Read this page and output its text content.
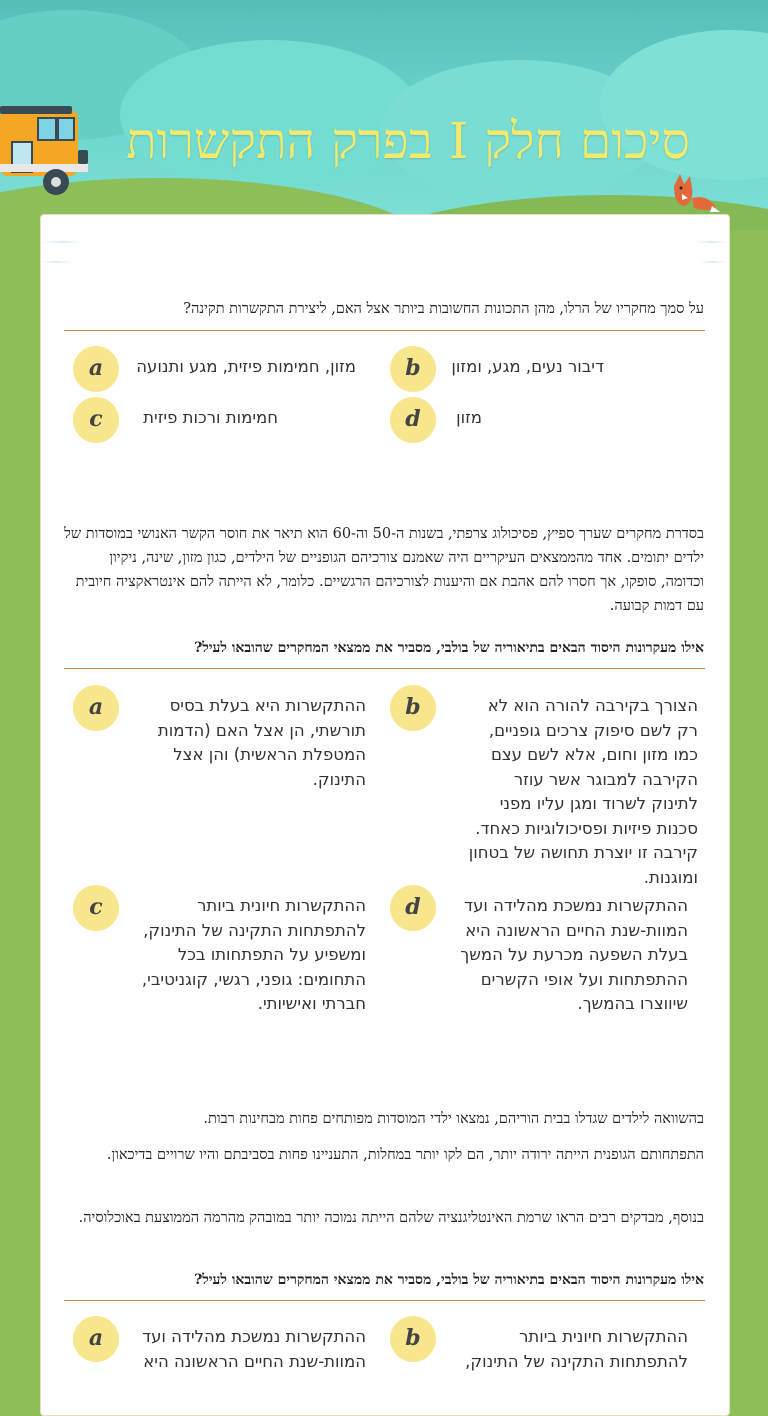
סיכום חלק I בפרק התקשרות
על סמך מחקריו של הרלו, מהן התכונות החשובות ביותר אצל האם, ליצירת התקשרות תקינה?
a	מזון, חמימות פיזית, מגע ותנועה	b	דיבור נעים, מגע, ומזון
c	חמימות ורכות פיזית	d	מזון
בסדרת מחקרים שערך ספיץ, פסיכולוג צרפתי, בשנות ה-50 וה-60 הוא תיאר את חוסר הקשר האנושי במוסדות של ילדים יתומים. אחד מהממצאים העיקריים היה שאמנם צורכיהם הגופניים של הילדים, כגון מזון, שינה, ניקיון וכדומה, סופקו, אך חסרו להם אהבת אם והיענות לצורכיהם הרגשיים. כלומר, לא הייתה להם אינטראקציה חיובית עם דמות קבועה.
אילו מעקרונות היסוד הבאים בתיאוריה של בולבי, מסביר את ממצאי המחקרים שהובאו לעיל?
a	ההתקשרות היא בעלת בסיס תורשתי, הן אצל האם (הדמות המטפלת הראשית) והן אצל התינוק.
b	הצורך בקירבה להורה הוא לא רק לשם סיפוק צרכים גופניים, כמו מזון וחום, אלא לשם עצם הקירבה למבוגר אשר עוזר לתינוק לשרוד ומגן עליו מפני סכנות פיזיות ופסיכולוגיות כאחד. קירבה זו יוצרת תחושה של בטחון ומוגנות.
c	ההתקשרות חיונית ביותר להתפתחות התקינה של התינוק, ומשפיע על התפתחותו בכל התחומים: גופני, רגשי, קוגניטיבי, חברתי ואישיותי.
d	ההתקשרות נמשכת מהלידה ועד המוות-שנת החיים הראשונה היא בעלת השפעה מכרעת על המשך ההתפתחות ועל אופי הקשרים שיווצרו בהמשך.
בהשוואה לילדים שגדלו בבית הוריהם, נמצאו ילדי המוסדות מפותחים פחות מבחינות רבות.
התפתחותם הגופנית הייתה ירודה יותר, הם לקו יותר במחלות, התעניינו פחות בסביבתם והיו שרויים בדיכאון.
בנוסף, מבדקים רבים הראו שרמת האינטליגנציה שלהם הייתה נמוכה יותר במובהק מהרמה הממוצעת באוכלוסיה.
אילו מעקרונות היסוד הבאים בתיאוריה של בולבי, מסביר את ממצאי המחקרים שהובאו לעיל?
a	ההתקשרות נמשכת מהלידה ועד המוות-שנת החיים הראשונה היא
b	ההתקשרות חיונית ביותר להתפתחות התקינה של התינוק,
